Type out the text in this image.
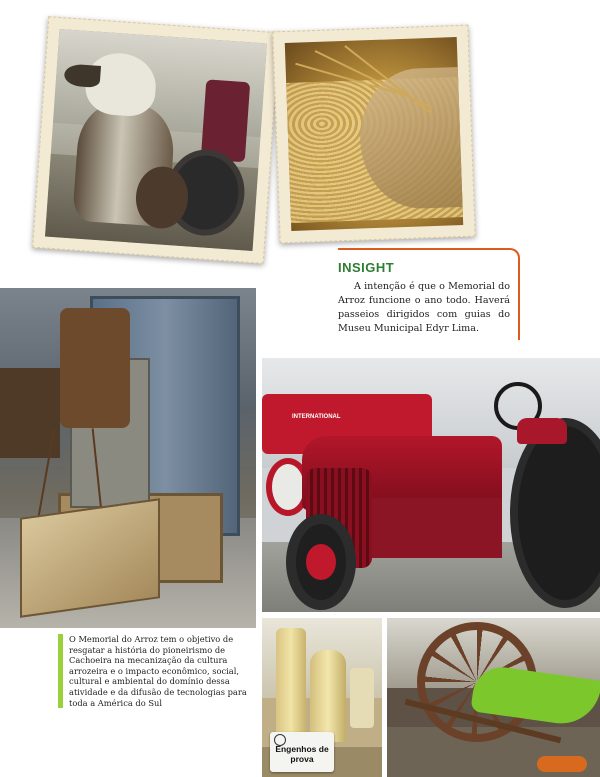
INSIGHT
A intenção é que o Memorial do Arroz funcione o ano todo. Haverá passeios dirigidos com guias do Museu Municipal Edyr Lima.
INTERNATIONAL
Engenhos de prova
O Memorial do Arroz tem o objetivo de resgatar a história do pioneirismo de Cachoeira na mecanização da cultura arrozeira e o impacto econômico, social, cultural e ambiental do domínio dessa atividade e da difusão de tecnologias para toda a América do Sul
